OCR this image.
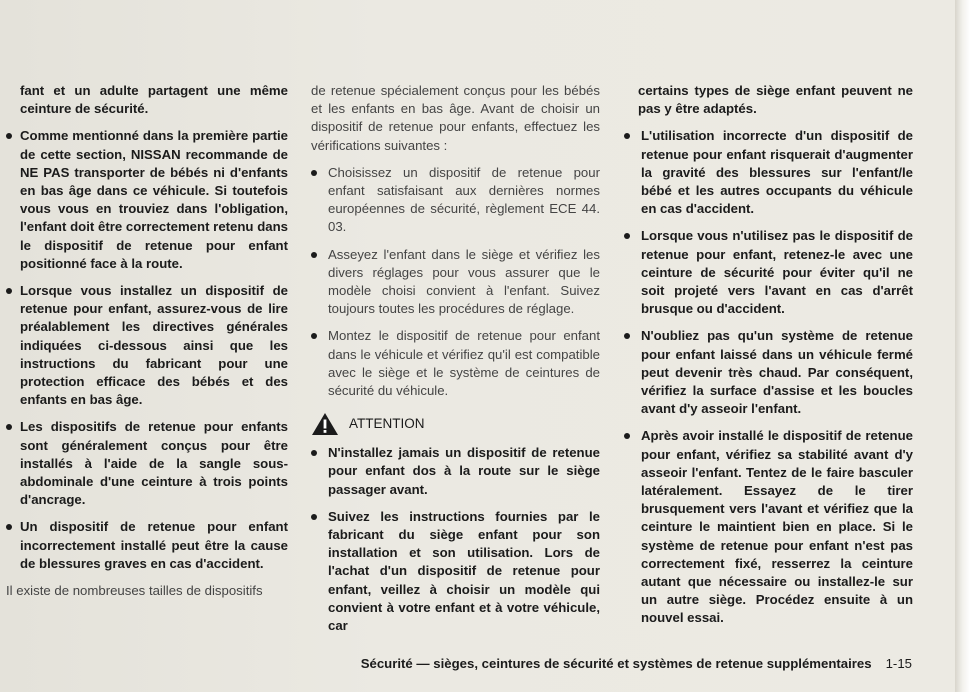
fant et un adulte partagent une même ceinture de sécurité.

Comme mentionné dans la première partie de cette section, NISSAN recommande de NE PAS transporter de bébés ni d'enfants en bas âge dans ce véhicule. Si toutefois vous vous en trouviez dans l'obligation, l'enfant doit être correctement retenu dans le dispositif de retenue pour enfant positionné face à la route.
Lorsque vous installez un dispositif de retenue pour enfant, assurez-vous de lire préalablement les directives générales indiquées ci-dessous ainsi que les instructions du fabricant pour une protection efficace des bébés et des enfants en bas âge.
Les dispositifs de retenue pour enfants sont généralement conçus pour être installés à l'aide de la sangle sous-abdominale d'une ceinture à trois points d'ancrage.
Un dispositif de retenue pour enfant incorrectement installé peut être la cause de blessures graves en cas d'accident.

Il existe de nombreuses tailles de dispositifs

de retenue spécialement conçus pour les bébés et les enfants en bas âge. Avant de choisir un dispositif de retenue pour enfants, effectuez les vérifications suivantes :

Choisissez un dispositif de retenue pour enfant satisfaisant aux dernières normes européennes de sécurité, règlement ECE 44. 03.
Asseyez l'enfant dans le siège et vérifiez les divers réglages pour vous assurer que le modèle choisi convient à l'enfant. Suivez toujours toutes les procédures de réglage.
Montez le dispositif de retenue pour enfant dans le véhicule et vérifiez qu'il est compatible avec le siège et le système de ceintures de sécurité du véhicule.
ATTENTION
N'installez jamais un dispositif de retenue pour enfant dos à la route sur le siège passager avant.
Suivez les instructions fournies par le fabricant du siège enfant pour son installation et son utilisation. Lors de l'achat d'un dispositif de retenue pour enfant, veillez à choisir un modèle qui convient à votre enfant et à votre véhicule, car

certains types de siège enfant peuvent ne pas y être adaptés.

L'utilisation incorrecte d'un dispositif de retenue pour enfant risquerait d'augmenter la gravité des blessures sur l'enfant/le bébé et les autres occupants du véhicule en cas d'accident.
Lorsque vous n'utilisez pas le dispositif de retenue pour enfant, retenez-le avec une ceinture de sécurité pour éviter qu'il ne soit projeté vers l'avant en cas d'arrêt brusque ou d'accident.
N'oubliez pas qu'un système de retenue pour enfant laissé dans un véhicule fermé peut devenir très chaud. Par conséquent, vérifiez la surface d'assise et les boucles avant d'y asseoir l'enfant.
Après avoir installé le dispositif de retenue pour enfant, vérifiez sa stabilité avant d'y asseoir l'enfant. Tentez de le faire basculer latéralement. Essayez de le tirer brusquement vers l'avant et vérifiez que la ceinture le maintient bien en place. Si le système de retenue pour enfant n'est pas correctement fixé, resserrez la ceinture autant que nécessaire ou installez-le sur un autre siège. Procédez ensuite à un nouvel essai.
Sécurité — sièges, ceintures de sécurité et systèmes de retenue supplémentaires 1-15
